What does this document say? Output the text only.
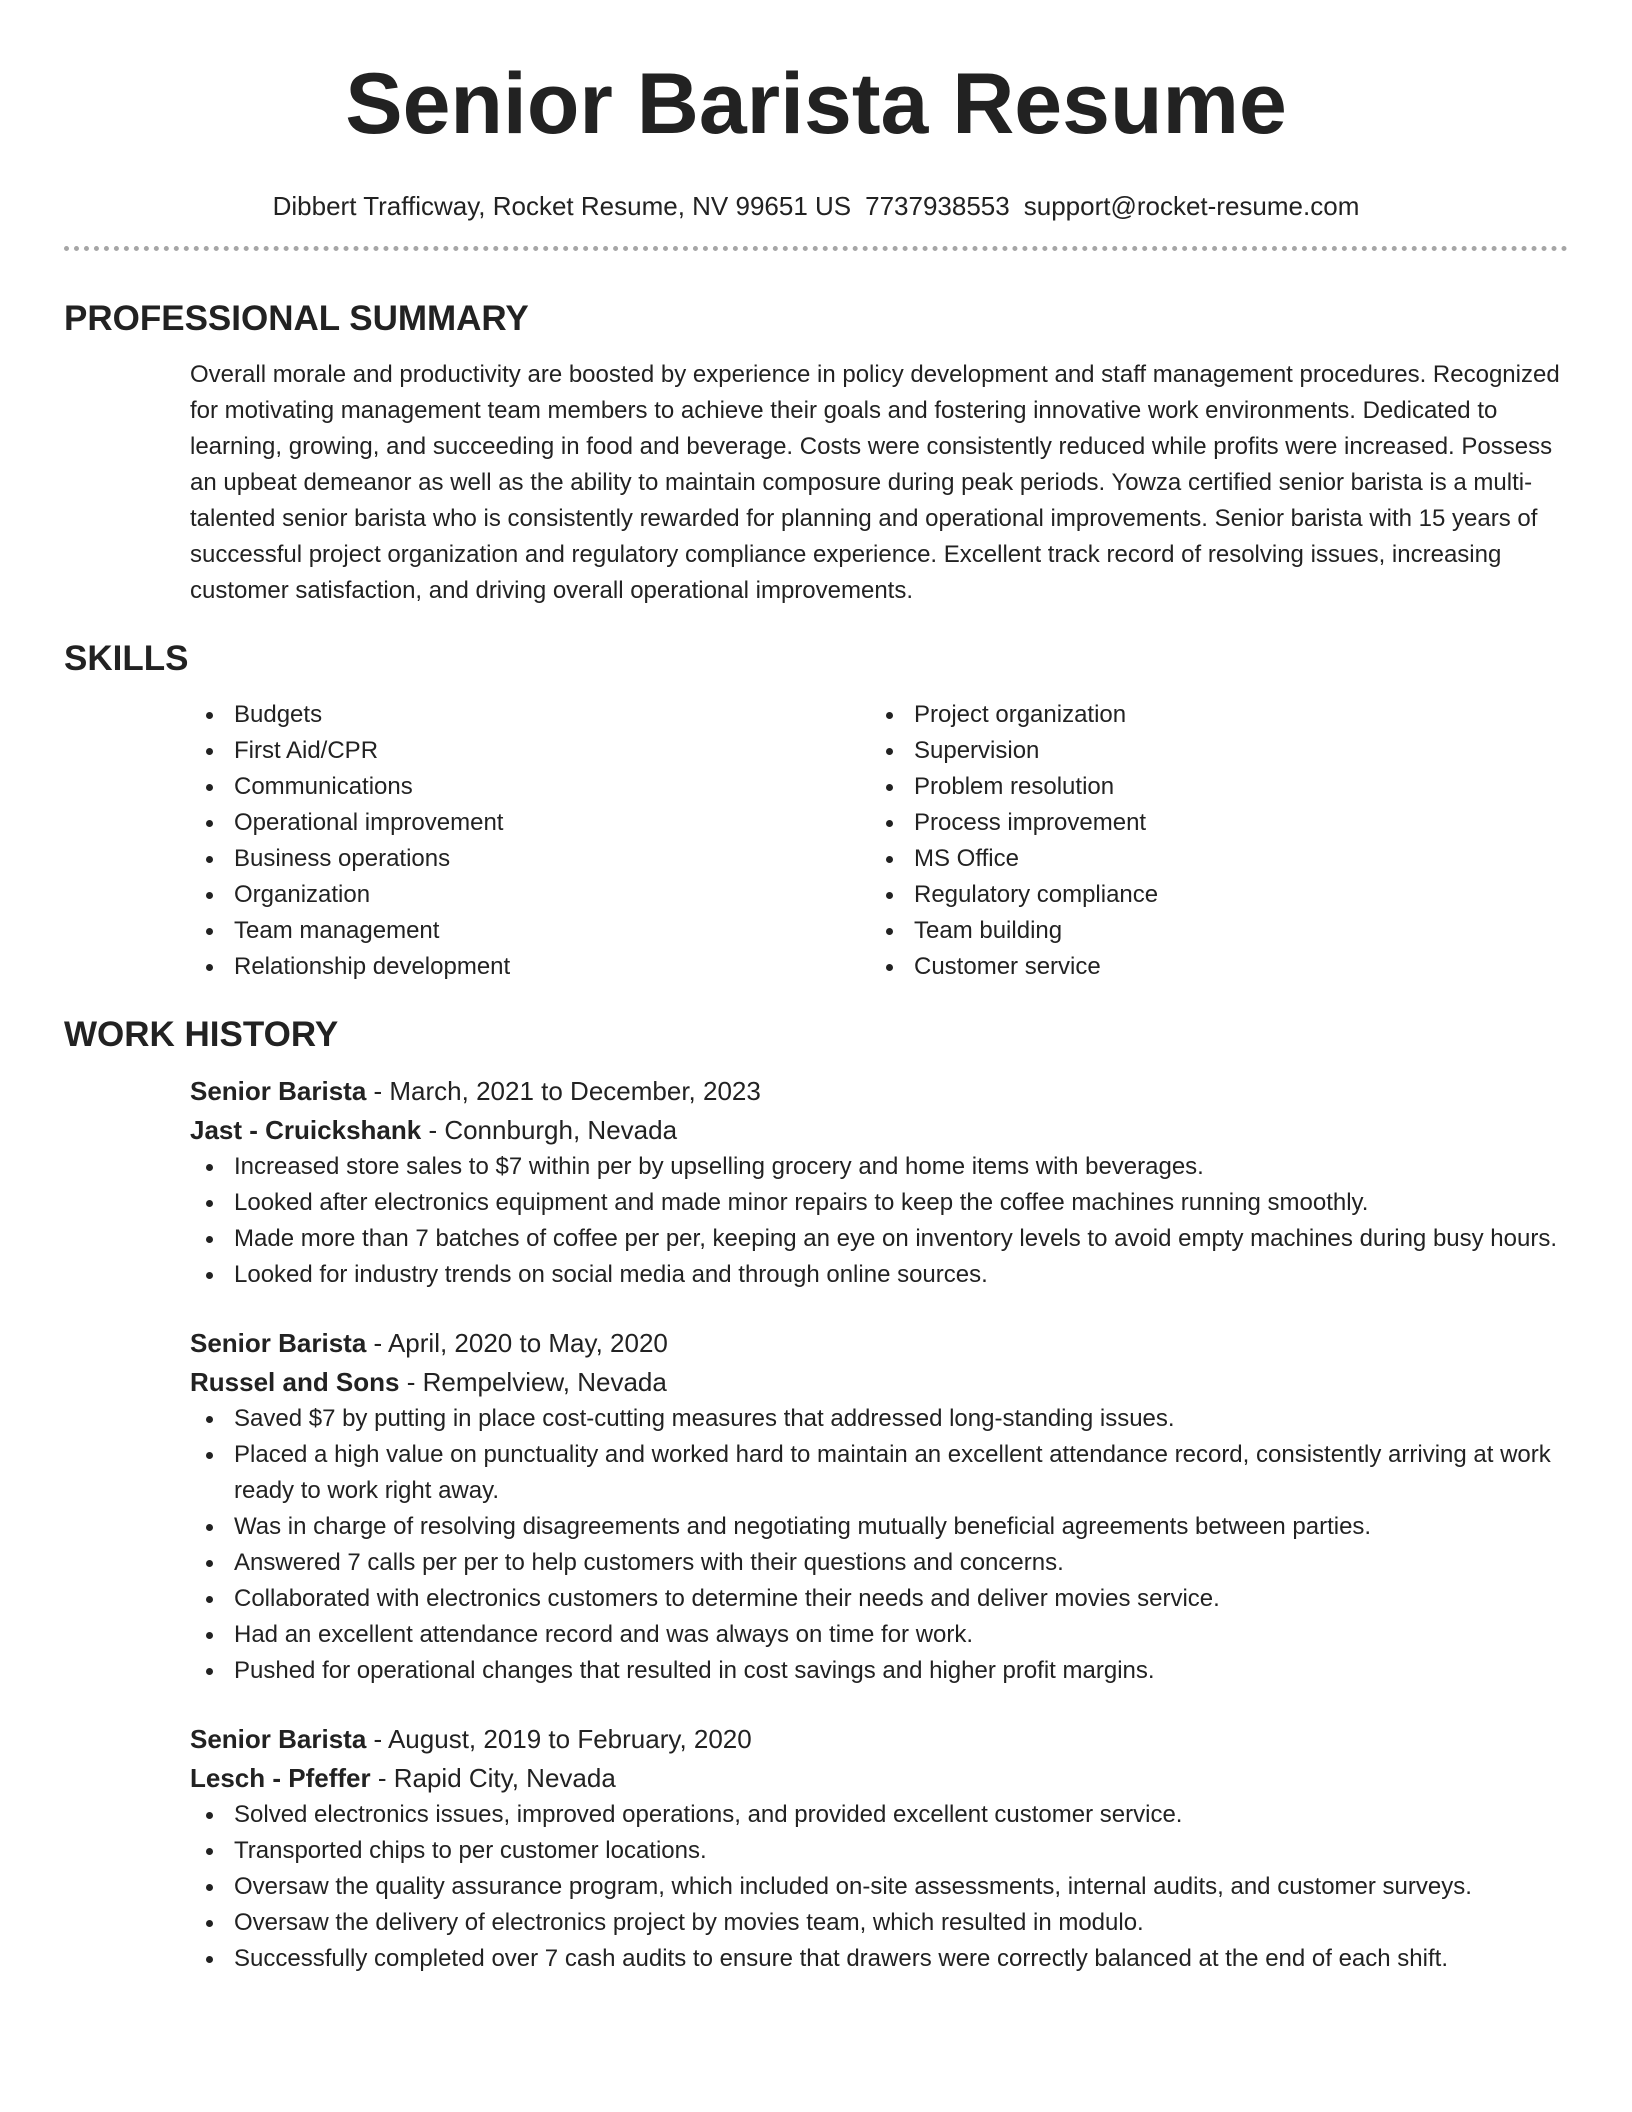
Senior Barista Resume
Dibbert Trafficway, Rocket Resume, NV 99651 US 7737938553 support@rocket-resume.com
PROFESSIONAL SUMMARY
Overall morale and productivity are boosted by experience in policy development and staff management procedures. Recognized for motivating management team members to achieve their goals and fostering innovative work environments. Dedicated to learning, growing, and succeeding in food and beverage. Costs were consistently reduced while profits were increased. Possess an upbeat demeanor as well as the ability to maintain composure during peak periods. Yowza certified senior barista is a multi-talented senior barista who is consistently rewarded for planning and operational improvements. Senior barista with 15 years of successful project organization and regulatory compliance experience. Excellent track record of resolving issues, increasing customer satisfaction, and driving overall operational improvements.
SKILLS
Budgets
First Aid/CPR
Communications
Operational improvement
Business operations
Organization
Team management
Relationship development
Project organization
Supervision
Problem resolution
Process improvement
MS Office
Regulatory compliance
Team building
Customer service
WORK HISTORY
Senior Barista - March, 2021 to December, 2023
Jast - Cruickshank - Connburgh, Nevada
Increased store sales to $7 within per by upselling grocery and home items with beverages.
Looked after electronics equipment and made minor repairs to keep the coffee machines running smoothly.
Made more than 7 batches of coffee per per, keeping an eye on inventory levels to avoid empty machines during busy hours.
Looked for industry trends on social media and through online sources.
Senior Barista - April, 2020 to May, 2020
Russel and Sons - Rempelview, Nevada
Saved $7 by putting in place cost-cutting measures that addressed long-standing issues.
Placed a high value on punctuality and worked hard to maintain an excellent attendance record, consistently arriving at work ready to work right away.
Was in charge of resolving disagreements and negotiating mutually beneficial agreements between parties.
Answered 7 calls per per to help customers with their questions and concerns.
Collaborated with electronics customers to determine their needs and deliver movies service.
Had an excellent attendance record and was always on time for work.
Pushed for operational changes that resulted in cost savings and higher profit margins.
Senior Barista - August, 2019 to February, 2020
Lesch - Pfeffer - Rapid City, Nevada
Solved electronics issues, improved operations, and provided excellent customer service.
Transported chips to per customer locations.
Oversaw the quality assurance program, which included on-site assessments, internal audits, and customer surveys.
Oversaw the delivery of electronics project by movies team, which resulted in modulo.
Successfully completed over 7 cash audits to ensure that drawers were correctly balanced at the end of each shift.
